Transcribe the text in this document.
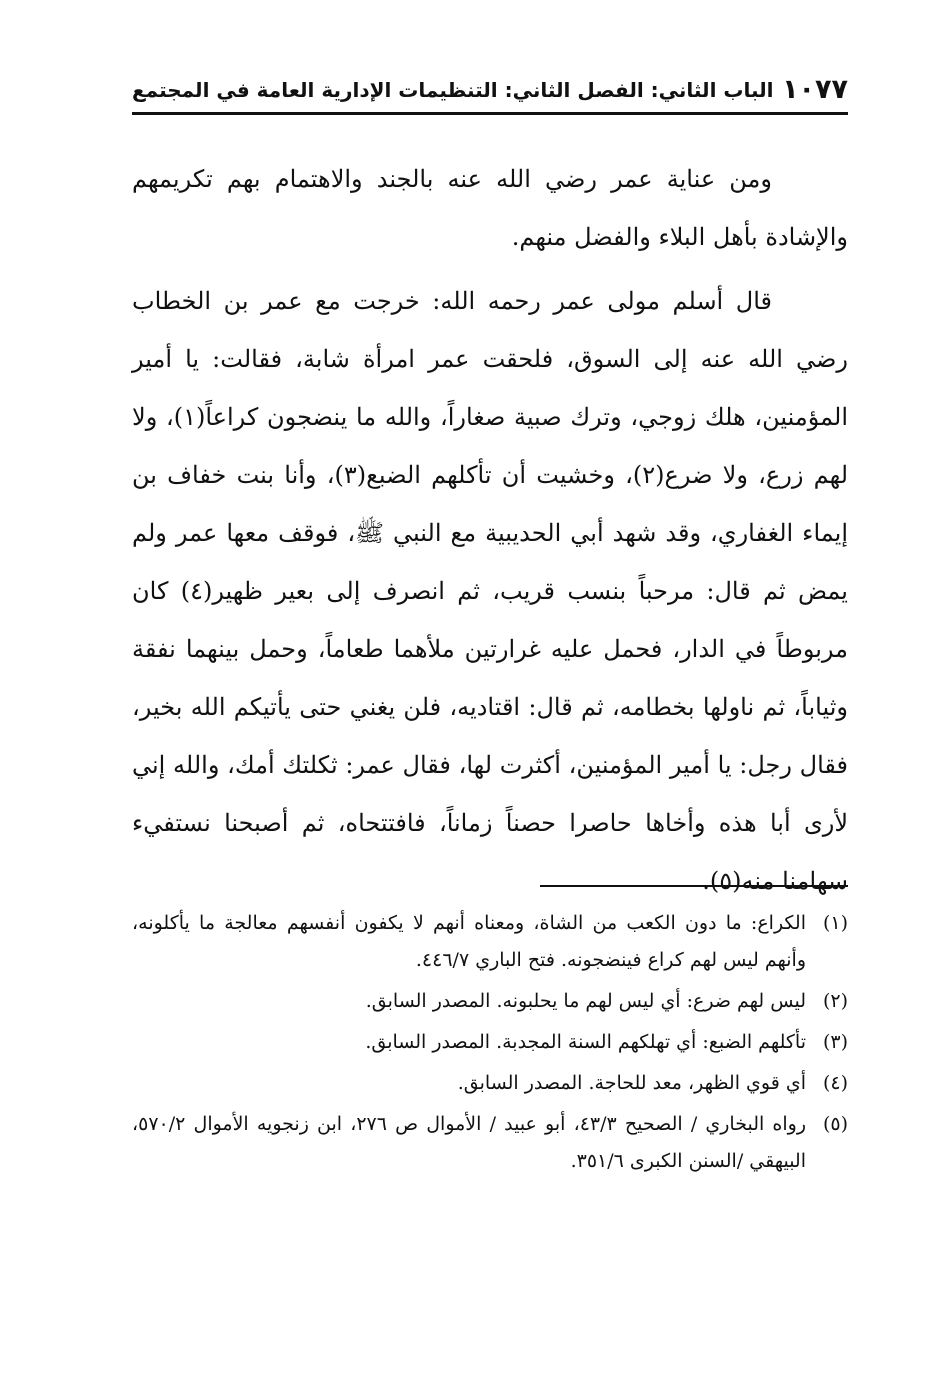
١٠٧٧
الباب الثاني: الفصل الثاني: التنظيمات الإدارية العامة في المجتمع

ومن عناية عمر رضي الله عنه بالجند والاهتمام بهم تكريمهم والإشادة بأهل البلاء والفضل منهم.

قال أسلم مولى عمر رحمه الله: خرجت مع عمر بن الخطاب رضي الله عنه إلى السوق، فلحقت عمر امرأة شابة، فقالت: يا أمير المؤمنين، هلك زوجي، وترك صبية صغاراً، والله ما ينضجون كراعاً(١)، ولا لهم زرع، ولا ضرع(٢)، وخشيت أن تأكلهم الضبع(٣)، وأنا بنت خفاف بن إيماء الغفاري، وقد شهد أبي الحديبية مع النبي ﷺ، فوقف معها عمر ولم يمض ثم قال: مرحباً بنسب قريب، ثم انصرف إلى بعير ظهير(٤) كان مربوطاً في الدار، فحمل عليه غرارتين ملأهما طعاماً، وحمل بينهما نفقة وثياباً، ثم ناولها بخطامه، ثم قال: اقتاديه، فلن يغني حتى يأتيكم الله بخير، فقال رجل: يا أمير المؤمنين، أكثرت لها، فقال عمر: ثكلتك أمك، والله إني لأرى أبا هذه وأخاها حاصرا حصناً زماناً، فافتتحاه، ثم أصبحنا نستفيء سهامنا منه(٥).

(١)
الكراع: ما دون الكعب من الشاة، ومعناه أنهم لا يكفون أنفسهم معالجة ما يأكلونه، وأنهم ليس لهم كراع فينضجونه. فتح الباري ٤٤٦/٧.
(٢)
ليس لهم ضرع: أي ليس لهم ما يحلبونه. المصدر السابق.
(٣)
تأكلهم الضبع: أي تهلكهم السنة المجدبة. المصدر السابق.
(٤)
أي قوي الظهر، معد للحاجة. المصدر السابق.
(٥)
رواه البخاري / الصحيح ٤٣/٣، أبو عبيد / الأموال ص ٢٧٦، ابن زنجويه الأموال ٥٧٠/٢، البيهقي /السنن الكبرى ٣٥١/٦.
